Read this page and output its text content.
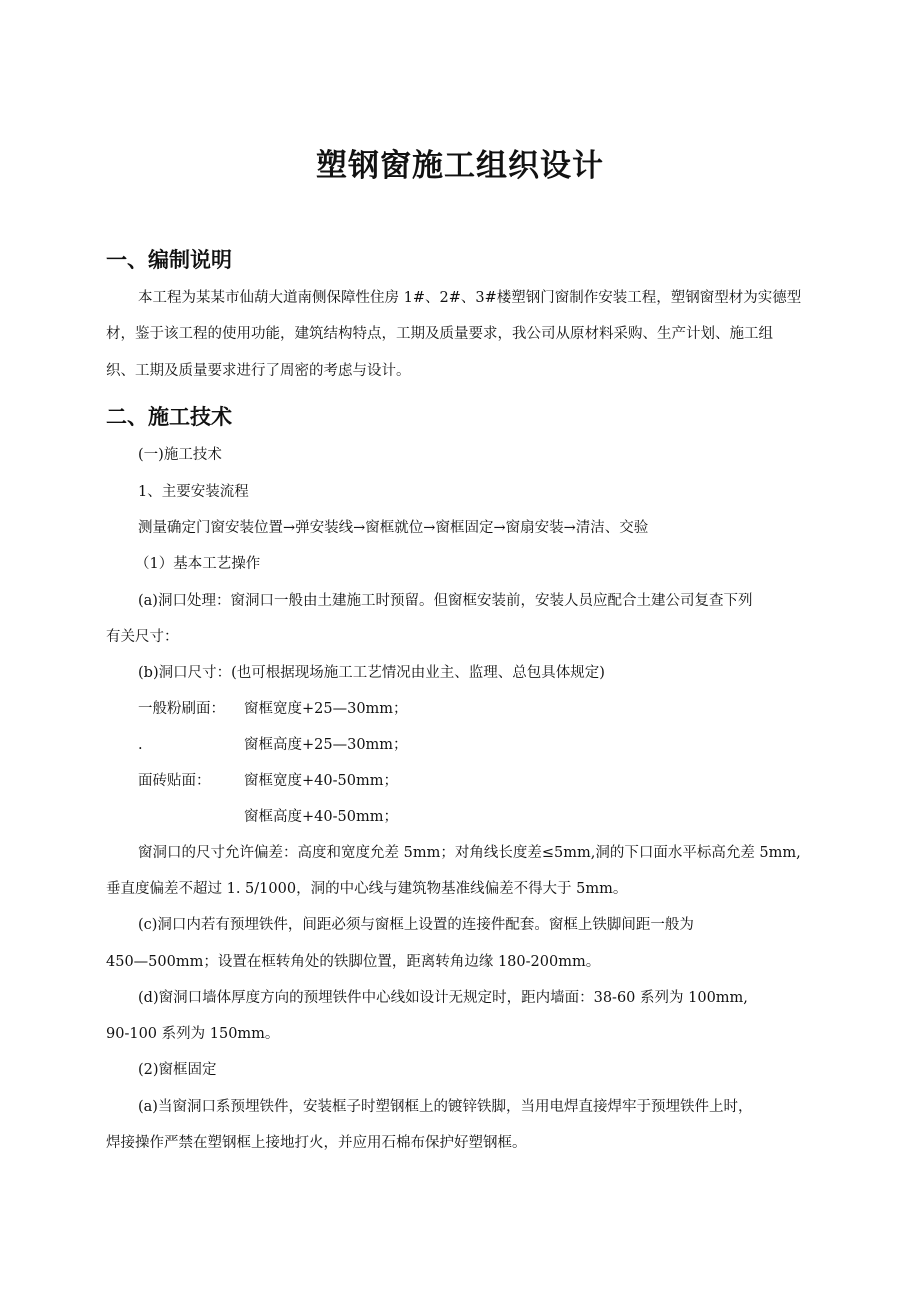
塑钢窗施工组织设计
一、编制说明

本工程为某某市仙葫大道南侧保障性住房 1#、2#、3#楼塑钢门窗制作安装工程，塑钢窗型材为实德型

材，鉴于该工程的使用功能，建筑结构特点，工期及质量要求，我公司从原材料采购、生产计划、施工组

织、工期及质量要求进行了周密的考虑与设计。

二、施工技术

(一)施工技术

1、主要安装流程

测量确定门窗安装位置→弹安装线→窗框就位→窗框固定→窗扇安装→清洁、交验

（1）基本工艺操作

(a)洞口处理：窗洞口一般由土建施工时预留。但窗框安装前，安装人员应配合土建公司复查下列

有关尺寸：

(b)洞口尺寸：(也可根据现场施工工艺情况由业主、监理、总包具体规定)

一般粉刷面： 窗框宽度+25—30mm；
.	窗框高度+25—30mm；
面砖贴面： 窗框宽度+40-50mm；
窗框高度+40-50mm；

窗洞口的尺寸允许偏差：高度和宽度允差 5mm；对角线长度差≤5mm,洞的下口面水平标高允差 5mm,

垂直度偏差不超过 1. 5/1000，洞的中心线与建筑物基准线偏差不得大于 5mm。

(c)洞口内若有预埋铁件，间距必须与窗框上设置的连接件配套。窗框上铁脚间距一般为

450—500mm；设置在框转角处的铁脚位置，距离转角边缘 180-200mm。

(d)窗洞口墙体厚度方向的预埋铁件中心线如设计无规定时，距内墙面：38-60 系列为 100mm,

90-100 系列为 150mm。

(2)窗框固定

(a)当窗洞口系预埋铁件，安装框子时塑钢框上的镀锌铁脚，当用电焊直接焊牢于预埋铁件上时，

焊接操作严禁在塑钢框上接地打火，并应用石棉布保护好塑钢框。
